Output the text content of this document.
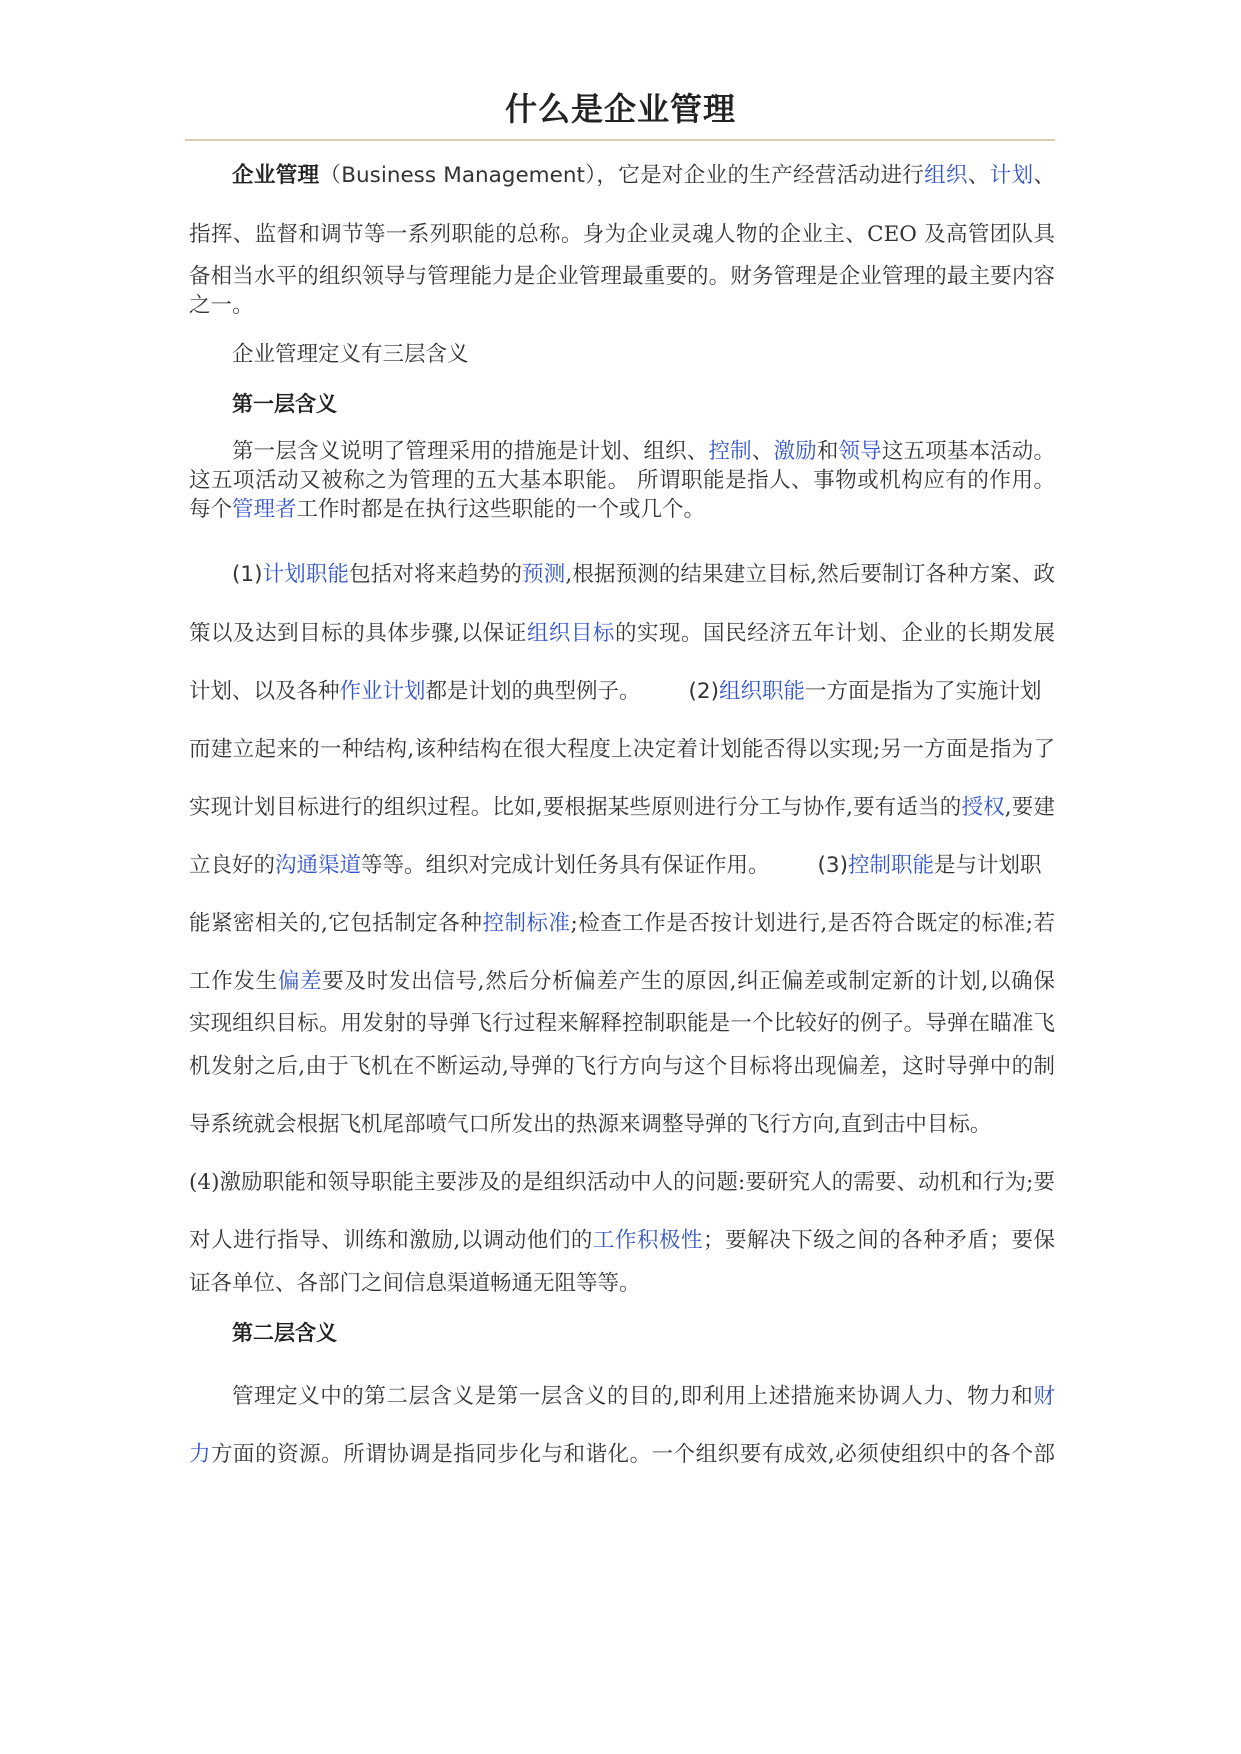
什么是企业管理
企业管理（Business Management），它是对企业的生产经营活动进行组织、计划、
指挥、监督和调节等一系列职能的总称。身为企业灵魂人物的企业主、CEO 及高管团队具
备相当水平的组织领导与管理能力是企业管理最重要的。财务管理是企业管理的最主要内容
之一。
企业管理定义有三层含义
第一层含义
第一层含义说明了管理采用的措施是计划、组织、控制、激励和领导这五项基本活动。
这五项活动又被称之为管理的五大基本职能。 所谓职能是指人、事物或机构应有的作用。
每个管理者工作时都是在执行这些职能的一个或几个。
(1)计划职能包括对将来趋势的预测,根据预测的结果建立目标,然后要制订各种方案、政
策以及达到目标的具体步骤,以保证组织目标的实现。国民经济五年计划、企业的长期发展
计划、以及各种作业计划都是计划的典型例子。 (2)组织职能一方面是指为了实施计划
而建立起来的一种结构,该种结构在很大程度上决定着计划能否得以实现;另一方面是指为了
实现计划目标进行的组织过程。比如,要根据某些原则进行分工与协作,要有适当的授权,要建
立良好的沟通渠道等等。组织对完成计划任务具有保证作用。 (3)控制职能是与计划职
能紧密相关的,它包括制定各种控制标准;检查工作是否按计划进行,是否符合既定的标准;若
工作发生偏差要及时发出信号,然后分析偏差产生的原因,纠正偏差或制定新的计划,以确保
实现组织目标。用发射的导弹飞行过程来解释控制职能是一个比较好的例子。导弹在瞄准飞
机发射之后,由于飞机在不断运动,导弹的飞行方向与这个目标将出现偏差，这时导弹中的制
导系统就会根据飞机尾部喷气口所发出的热源来调整导弹的飞行方向,直到击中目标。
(4)激励职能和领导职能主要涉及的是组织活动中人的问题:要研究人的需要、动机和行为;要
对人进行指导、训练和激励,以调动他们的工作积极性；要解决下级之间的各种矛盾；要保
证各单位、各部门之间信息渠道畅通无阻等等。
第二层含义
管理定义中的第二层含义是第一层含义的目的,即利用上述措施来协调人力、物力和财
力方面的资源。所谓协调是指同步化与和谐化。一个组织要有成效,必须使组织中的各个部
